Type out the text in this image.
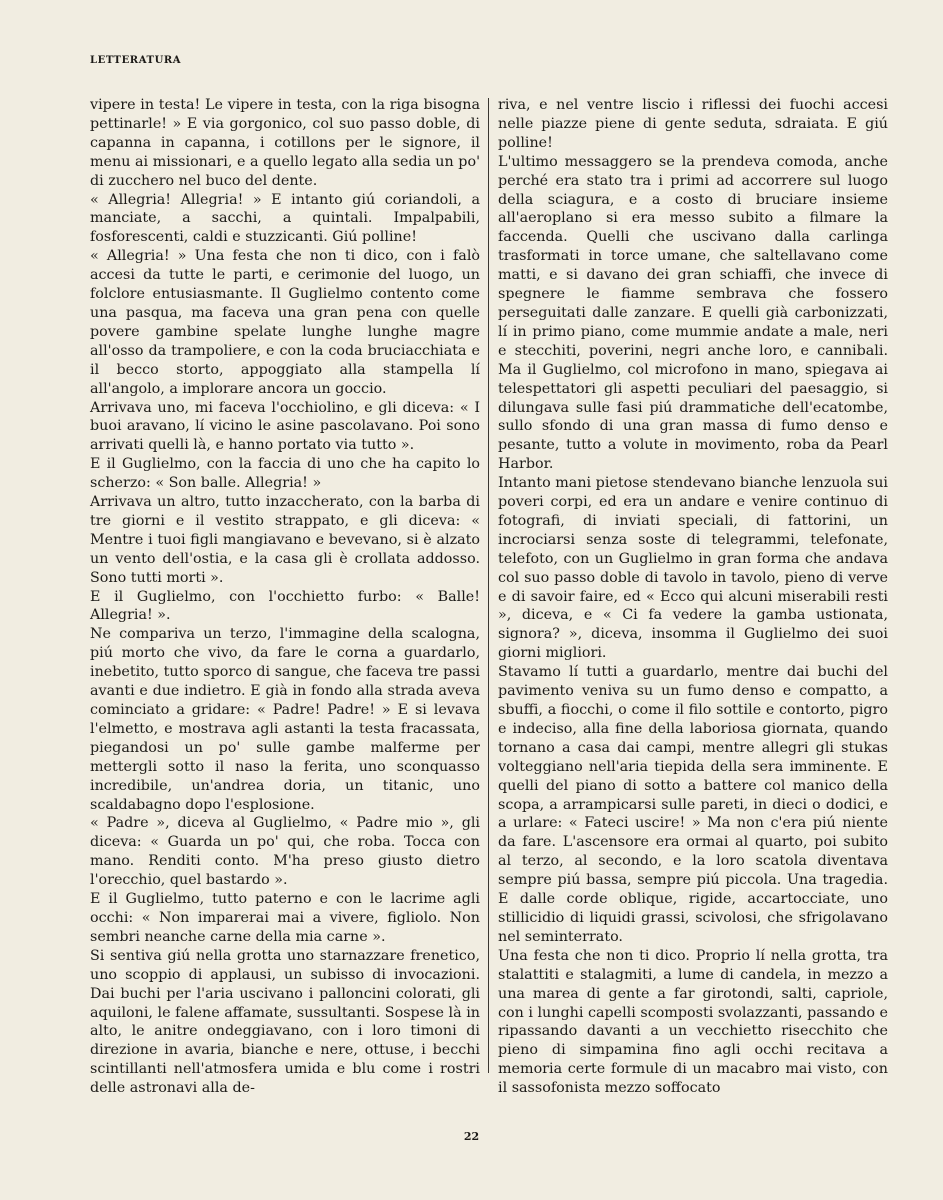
LETTERATURA

vipere in testa! Le vipere in testa, con la riga bisogna pettinarle! » E via gorgonico, col suo passo doble, di capanna in capanna, i cotillons per le signore, il menu ai missionari, e a quello legato alla sedia un po' di zucchero nel buco del dente.

« Allegria! Allegria! » E intanto giú coriandoli, a manciate, a sacchi, a quintali. Impalpabili, fosforescenti, caldi e stuzzicanti. Giú polline!

« Allegria! » Una festa che non ti dico, con i falò accesi da tutte le parti, e cerimonie del luogo, un folclore entusiasmante. Il Guglielmo contento come una pasqua, ma faceva una gran pena con quelle povere gambine spelate lunghe lunghe magre all'osso da trampoliere, e con la coda bruciacchiata e il becco storto, appoggiato alla stampella lí all'angolo, a implorare ancora un goccio.

Arrivava uno, mi faceva l'occhiolino, e gli diceva: « I buoi aravano, lí vicino le asine pascolavano. Poi sono arrivati quelli là, e hanno portato via tutto ».

E il Guglielmo, con la faccia di uno che ha capito lo scherzo: « Son balle. Allegria! »

Arrivava un altro, tutto inzaccherato, con la barba di tre giorni e il vestito strappato, e gli diceva: « Mentre i tuoi figli mangiavano e bevevano, si è alzato un vento dell'ostia, e la casa gli è crollata addosso. Sono tutti morti ».

E il Guglielmo, con l'occhietto furbo: « Balle! Allegria! ».

Ne compariva un terzo, l'immagine della scalogna, piú morto che vivo, da fare le corna a guardarlo, inebetito, tutto sporco di sangue, che faceva tre passi avanti e due indietro. E già in fondo alla strada aveva cominciato a gridare: « Padre! Padre! » E si levava l'elmetto, e mostrava agli astanti la testa fracassata, piegandosi un po' sulle gambe malferme per mettergli sotto il naso la ferita, uno sconquasso incredibile, un'andrea doria, un titanic, uno scaldabagno dopo l'esplosione.

« Padre », diceva al Guglielmo, « Padre mio », gli diceva: « Guarda un po' qui, che roba. Tocca con mano. Renditi conto. M'ha preso giusto dietro l'orecchio, quel bastardo ».

E il Guglielmo, tutto paterno e con le lacrime agli occhi: « Non imparerai mai a vivere, figliolo. Non sembri neanche carne della mia carne ».

Si sentiva giú nella grotta uno starnazzare frenetico, uno scoppio di applausi, un subisso di invocazioni. Dai buchi per l'aria uscivano i palloncini colorati, gli aquiloni, le falene affamate, sussultanti. Sospese là in alto, le anitre ondeggiavano, con i loro timoni di direzione in avaria, bianche e nere, ottuse, i becchi scintillanti nell'atmosfera umida e blu come i rostri delle astronavi alla de-

riva, e nel ventre liscio i riflessi dei fuochi accesi nelle piazze piene di gente seduta, sdraiata. E giú polline!

L'ultimo messaggero se la prendeva comoda, anche perché era stato tra i primi ad accorrere sul luogo della sciagura, e a costo di bruciare insieme all'aeroplano si era messo subito a filmare la faccenda. Quelli che uscivano dalla carlinga trasformati in torce umane, che saltellavano come matti, e si davano dei gran schiaffi, che invece di spegnere le fiamme sembrava che fossero perseguitati dalle zanzare. E quelli già carbonizzati, lí in primo piano, come mummie andate a male, neri e stecchiti, poverini, negri anche loro, e cannibali. Ma il Guglielmo, col microfono in mano, spiegava ai telespettatori gli aspetti peculiari del paesaggio, si dilungava sulle fasi piú drammatiche dell'ecatombe, sullo sfondo di una gran massa di fumo denso e pesante, tutto a volute in movimento, roba da Pearl Harbor.

Intanto mani pietose stendevano bianche lenzuola sui poveri corpi, ed era un andare e venire continuo di fotografi, di inviati speciali, di fattorini, un incrociarsi senza soste di telegrammi, telefonate, telefoto, con un Guglielmo in gran forma che andava col suo passo doble di tavolo in tavolo, pieno di verve e di savoir faire, ed « Ecco qui alcuni miserabili resti », diceva, e « Ci fa vedere la gamba ustionata, signora? », diceva, insomma il Guglielmo dei suoi giorni migliori.

Stavamo lí tutti a guardarlo, mentre dai buchi del pavimento veniva su un fumo denso e compatto, a sbuffi, a fiocchi, o come il filo sottile e contorto, pigro e indeciso, alla fine della laboriosa giornata, quando tornano a casa dai campi, mentre allegri gli stukas volteggiano nell'aria tiepida della sera imminente. E quelli del piano di sotto a battere col manico della scopa, a arrampicarsi sulle pareti, in dieci o dodici, e a urlare: « Fateci uscire! » Ma non c'era piú niente da fare. L'ascensore era ormai al quarto, poi subito al terzo, al secondo, e la loro scatola diventava sempre piú bassa, sempre piú piccola. Una tragedia. E dalle corde oblique, rigide, accartocciate, uno stillicidio di liquidi grassi, scivolosi, che sfrigolavano nel seminterrato.

Una festa che non ti dico. Proprio lí nella grotta, tra stalattiti e stalagmiti, a lume di candela, in mezzo a una marea di gente a far girotondi, salti, capriole, con i lunghi capelli scomposti svolazzanti, passando e ripassando davanti a un vecchietto risecchito che pieno di simpamina fino agli occhi recitava a memoria certe formule di un macabro mai visto, con il sassofonista mezzo soffocato

22
